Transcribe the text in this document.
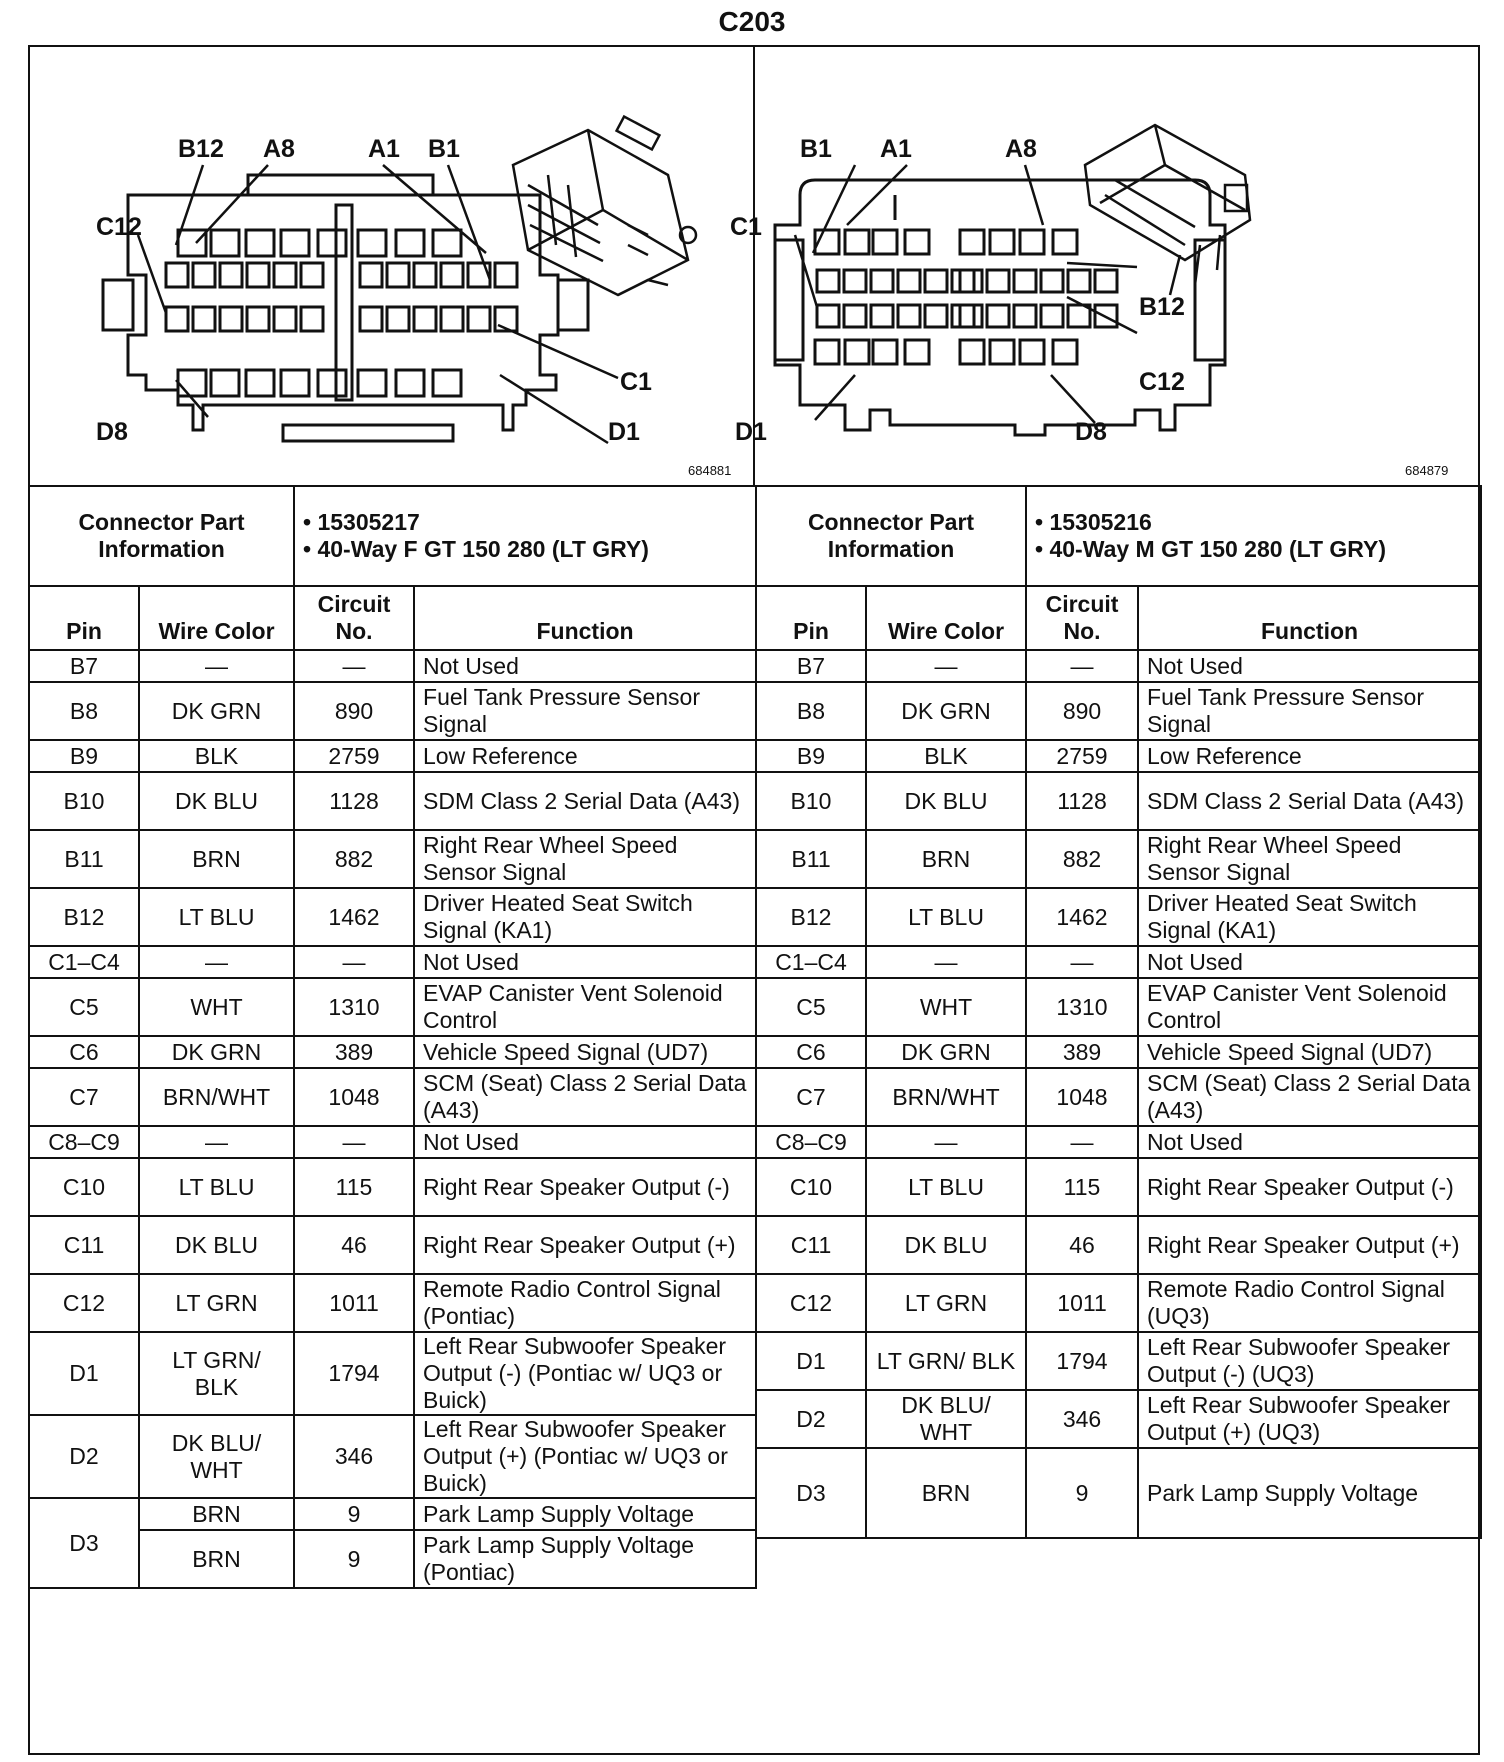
C203
B12 A8	A1 B1
C12
C1
D8	D1
684881
B1 A1	A8
C1
B12
C12
D1	D8
684879
Connector Part Information		• 15305217
• 40-Way F GT 150 280 (LT GRY)	

Pin	Wire Color	Circuit No.	Function
B7	—	—	Not Used
B8	DK GRN	890	Fuel Tank Pressure Sensor Signal
B9	BLK	2759	Low Reference
B10	DK BLU	1128	SDM Class 2 Serial Data (A43)
B11	BRN	882	Right Rear Wheel Speed Sensor Signal
B12	LT BLU	1462	Driver Heated Seat Switch Signal (KA1)
C1–C4	—	—	Not Used
C5	WHT	1310	EVAP Canister Vent Solenoid Control
C6	DK GRN	389	Vehicle Speed Signal (UD7)
C7	BRN/WHT	1048	SCM (Seat) Class 2 Serial Data (A43)
C8–C9	—	—	Not Used
C10	LT BLU	115	Right Rear Speaker Output (-)
C11	DK BLU	46	Right Rear Speaker Output (+)
C12	LT GRN	1011	Remote Radio Control Signal (Pontiac)
D1	LT GRN/ BLK	1794	Left Rear Subwoofer Speaker Output (-) (Pontiac w/ UQ3 or Buick)
D2	DK BLU/ WHT	346	Left Rear Subwoofer Speaker Output (+) (Pontiac w/ UQ3 or Buick)
D3	BRN	9	Park Lamp Supply Voltage
	BRN	9	Park Lamp Supply Voltage (Pontiac)
Connector Part Information		• 15305216
• 40-Way M GT 150 280 (LT GRY)	

Pin	Wire Color	Circuit No.	Function
B7	—	—	Not Used
B8	DK GRN	890	Fuel Tank Pressure Sensor Signal
B9	BLK	2759	Low Reference
B10	DK BLU	1128	SDM Class 2 Serial Data (A43)
B11	BRN	882	Right Rear Wheel Speed Sensor Signal
B12	LT BLU	1462	Driver Heated Seat Switch Signal (KA1)
C1–C4	—	—	Not Used
C5	WHT	1310	EVAP Canister Vent Solenoid Control
C6	DK GRN	389	Vehicle Speed Signal (UD7)
C7	BRN/WHT	1048	SCM (Seat) Class 2 Serial Data (A43)
C8–C9	—	—	Not Used
C10	LT BLU	115	Right Rear Speaker Output (-)
C11	DK BLU	46	Right Rear Speaker Output (+)
C12	LT GRN	1011	Remote Radio Control Signal (UQ3)
D1	LT GRN/ BLK	1794	Left Rear Subwoofer Speaker Output (-) (UQ3)
D2	DK BLU/ WHT	346	Left Rear Subwoofer Speaker Output (+) (UQ3)
D3	BRN	9	Park Lamp Supply Voltage
